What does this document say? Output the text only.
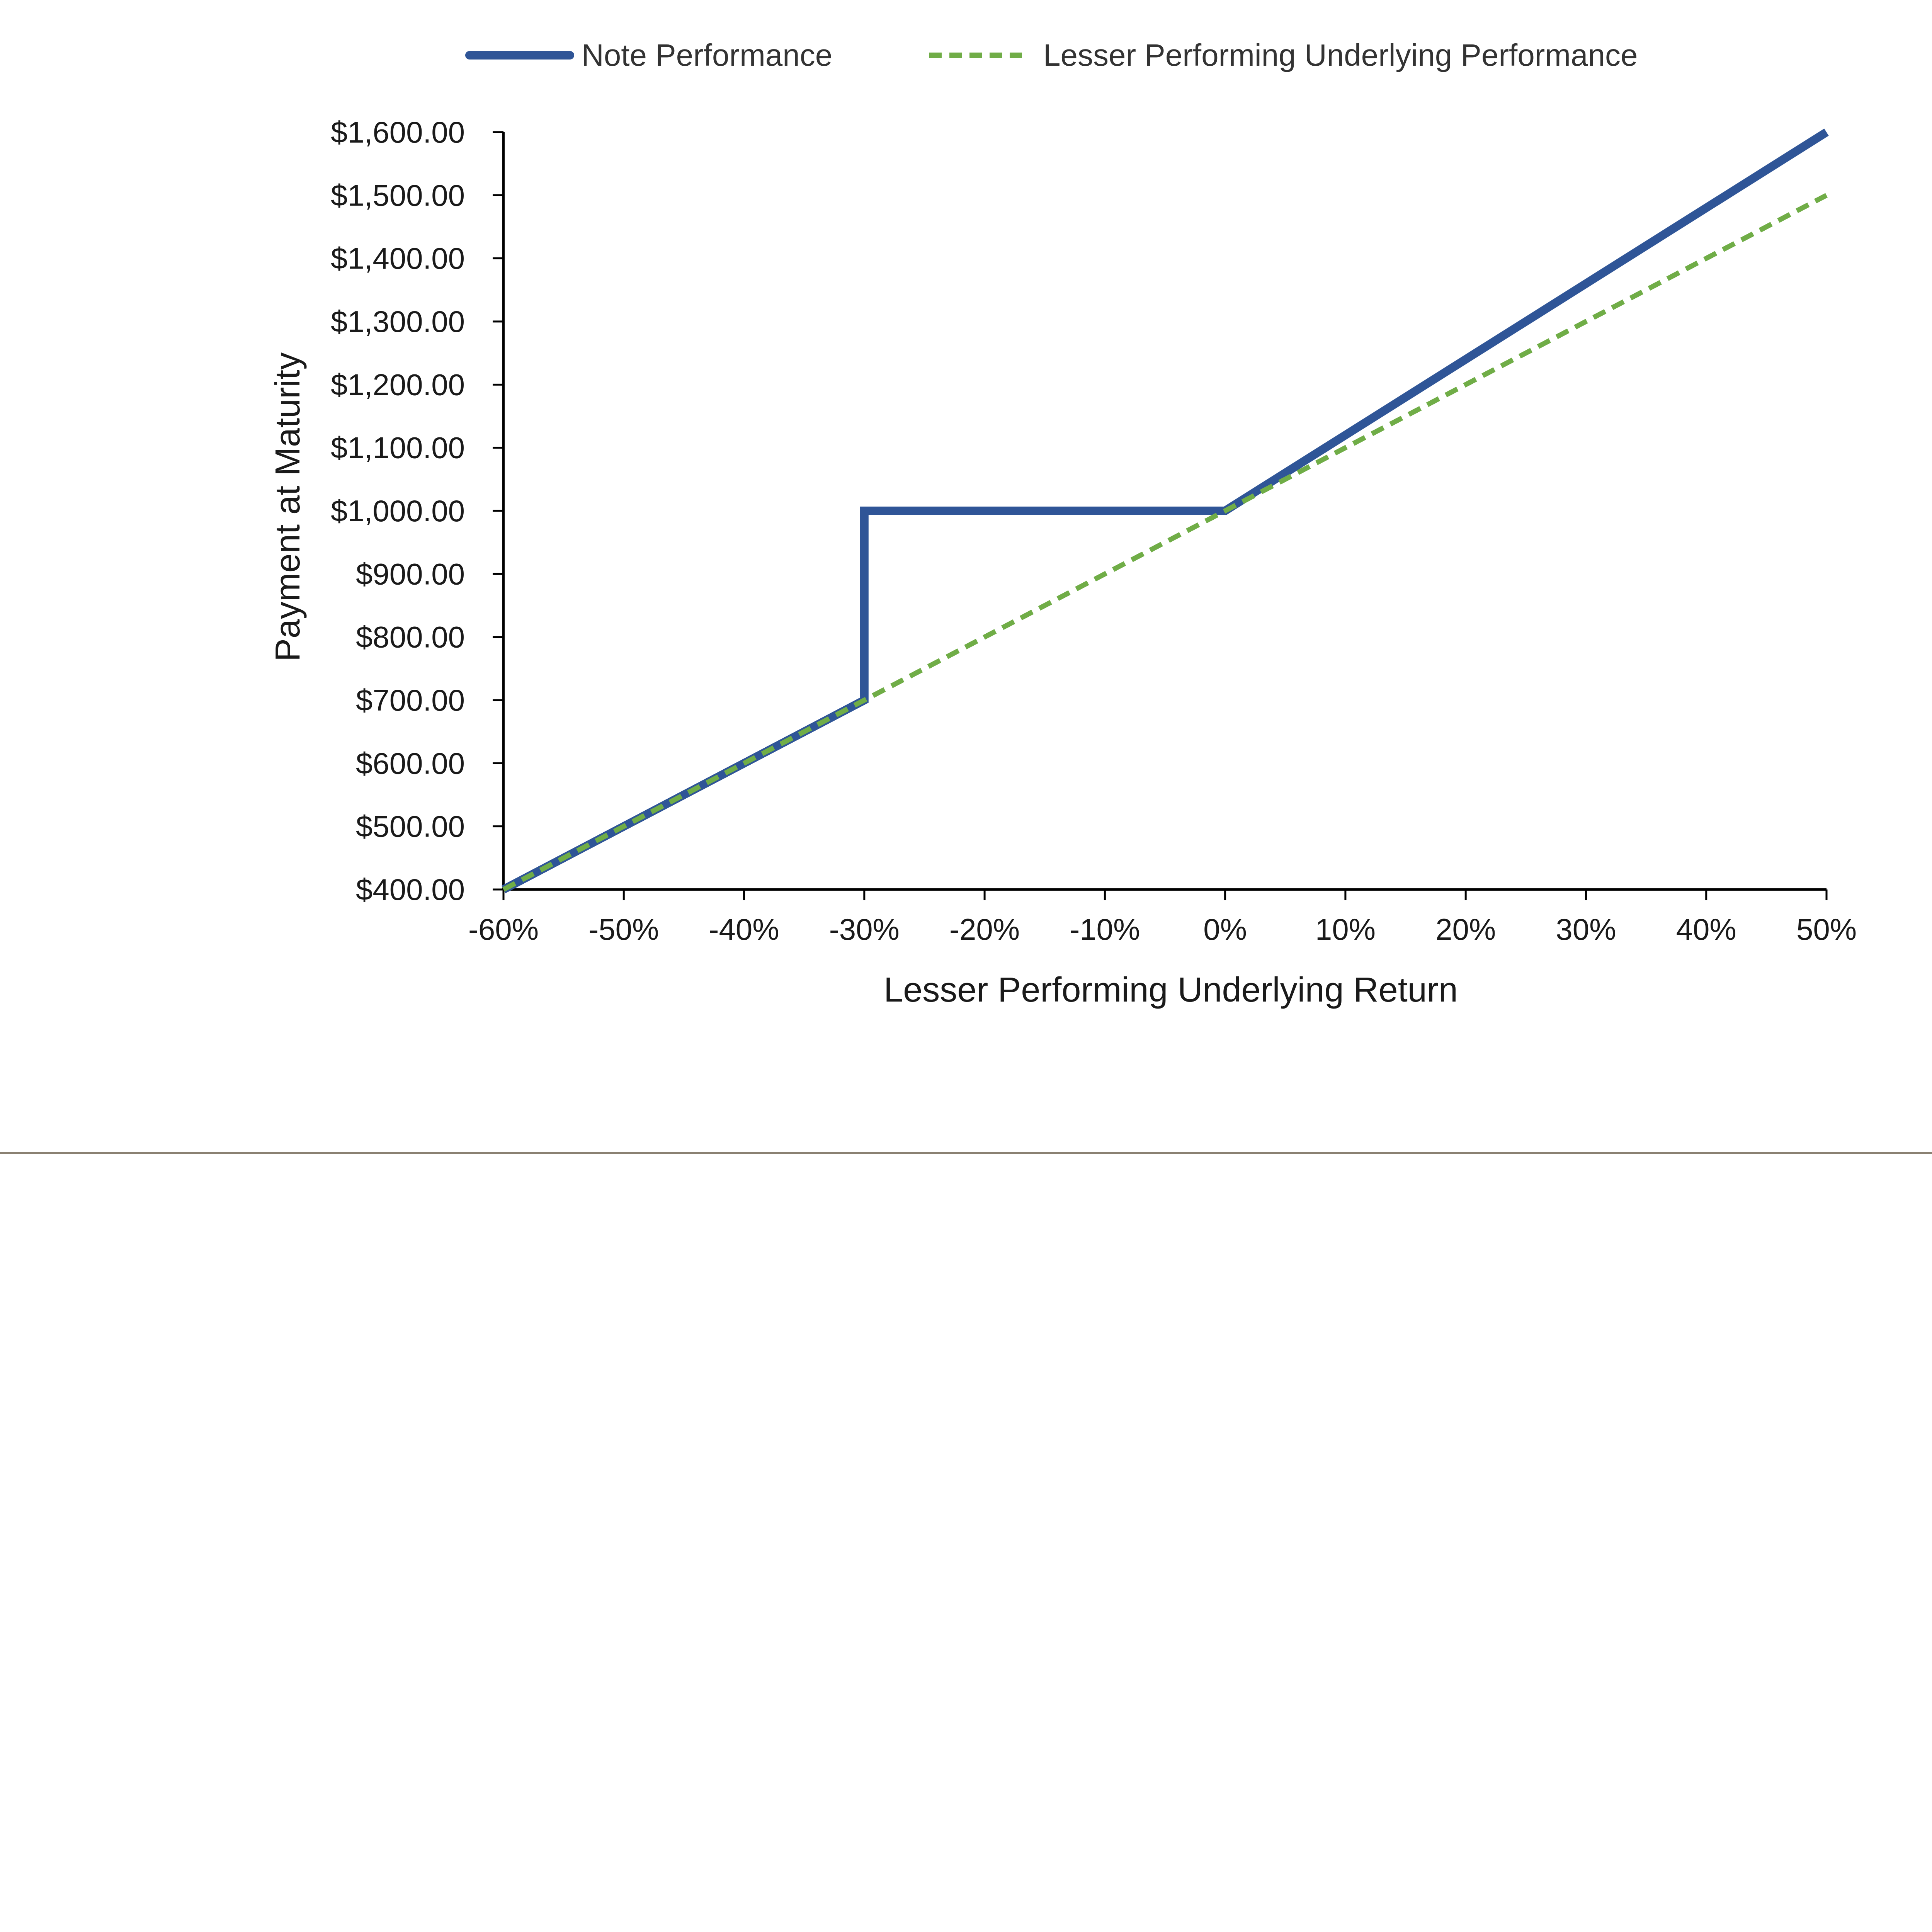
Note Performance	Lesser Performing Underlying Performance
-60% -50% -40% -30% -20% -10% 0% 10% 20% 30% 40% 50%
$400.00
$500.00
$600.00
$700.00
$800.00
$900.00
$1,000.00
$1,100.00
$1,200.00
$1,300.00
$1,400.00
$1,500.00
$1,600.00
Lesser Performing Underlying Return
Payment at Maturity
